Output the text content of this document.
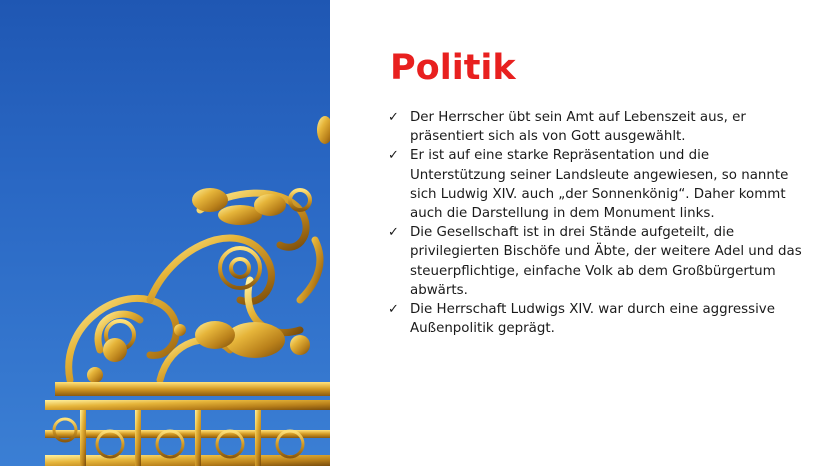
Politik
✓ Der Herrscher übt sein Amt auf Lebenszeit aus, er präsentiert sich als von Gott ausgewählt.
✓ Er ist auf eine starke Repräsentation und die Unterstützung seiner Landsleute angewiesen, so nannte sich Ludwig XIV. auch „der Sonnenkönig“. Daher kommt auch die Darstellung in dem Monument links.
✓ Die Gesellschaft ist in drei Stände aufgeteilt, die privilegierten Bischöfe und Äbte, der weitere Adel und das steuerpflichtige, einfache Volk ab dem Großbürgertum abwärts.
✓ Die Herrschaft Ludwigs XIV. war durch eine aggressive Außenpolitik geprägt.
